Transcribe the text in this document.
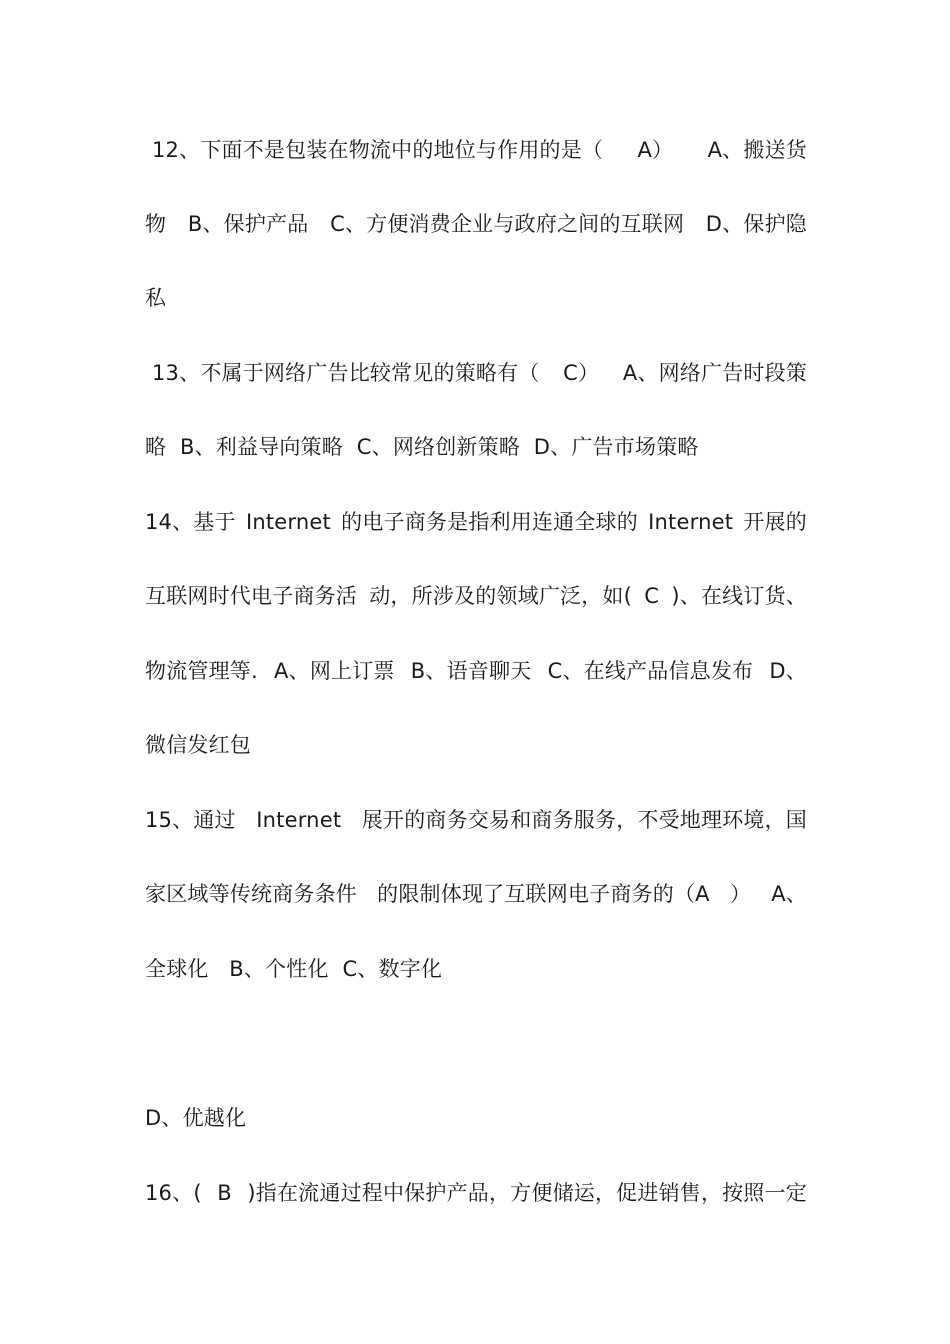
12、下面不是包装在物流中的地位与作用的是（ A） A、搬送货
物 B、保护产品 C、方便消费企业与政府之间的互联网 D、保护隐
私
13、不属于网络广告比较常见的策略有（ C） A、网络广告时段策
略 B、利益导向策略 C、网络创新策略 D、广告市场策略
14、基于 Internet 的电子商务是指利用连通全球的 Internet 开展的
互联网时代电子商务活 动，所涉及的领域广泛，如( C )、在线订货、
物流管理等. A、网上订票 B、语音聊天 C、在线产品信息发布 D、
微信发红包
15、通过 Internet 展开的商务交易和商务服务，不受地理环境，国
家区域等传统商务条件 的限制体现了互联网电子商务的（A ） A、
全球化 B、个性化 C、数字化
D、优越化
16、( B )指在流通过程中保护产品，方便储运，促进销售，按照一定
